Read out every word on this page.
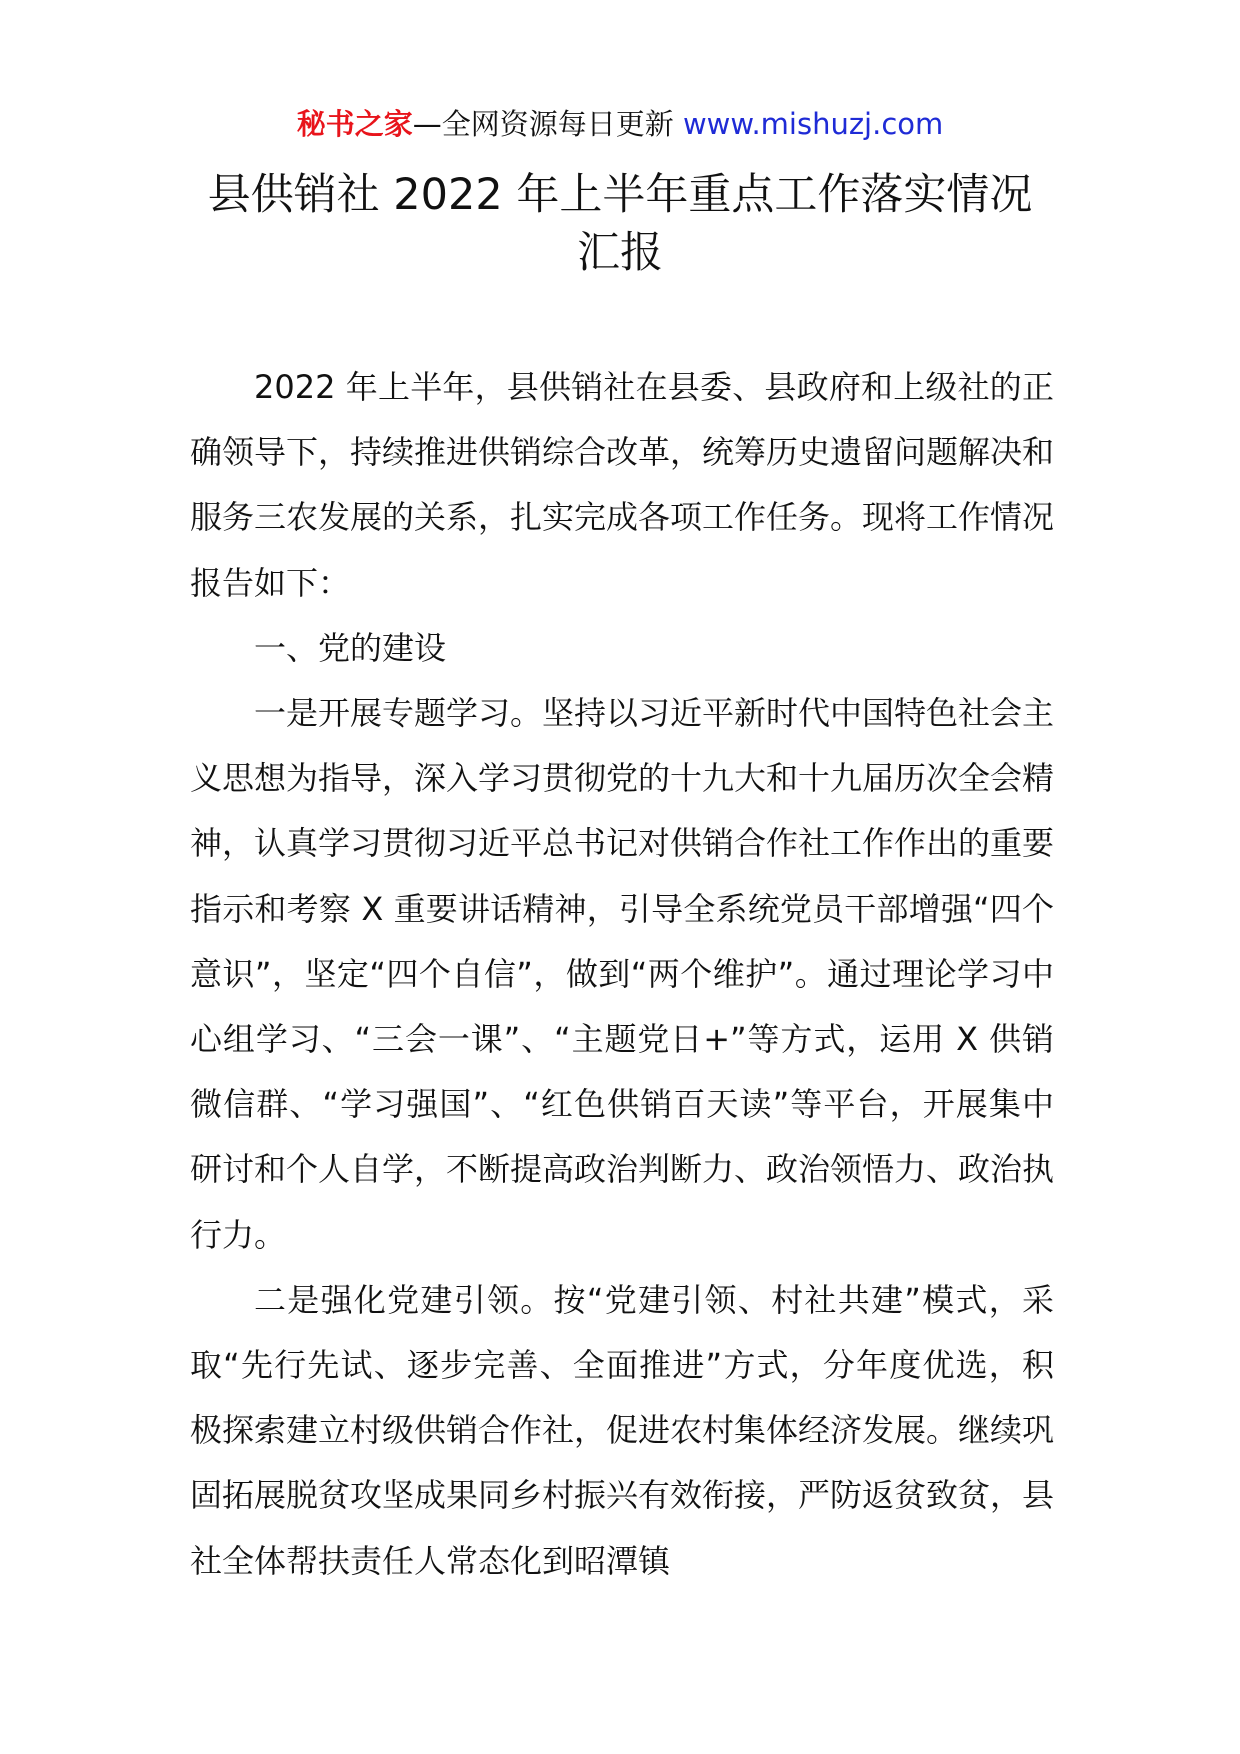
秘书之家—全网资源每日更新 www.mishuzj.com
县供销社 2022 年上半年重点工作落实情况汇报

2022 年上半年，县供销社在县委、县政府和上级社的正确领导下，持续推进供销综合改革，统筹历史遗留问题解决和服务三农发展的关系，扎实完成各项工作任务。现将工作情况报告如下：

一、党的建设

一是开展专题学习。坚持以习近平新时代中国特色社会主义思想为指导，深入学习贯彻党的十九大和十九届历次全会精神，认真学习贯彻习近平总书记对供销合作社工作作出的重要指示和考察 X 重要讲话精神，引导全系统党员干部增强“四个意识”，坚定“四个自信”，做到“两个维护”。通过理论学习中心组学习、“三会一课”、“主题党日+”等方式，运用 X 供销微信群、“学习强国”、“红色供销百天读”等平台，开展集中研讨和个人自学，不断提高政治判断力、政治领悟力、政治执行力。

二是强化党建引领。按“党建引领、村社共建”模式，采取“先行先试、逐步完善、全面推进”方式，分年度优选，积极探索建立村级供销合作社，促进农村集体经济发展。继续巩固拓展脱贫攻坚成果同乡村振兴有效衔接，严防返贫致贫，县社全体帮扶责任人常态化到昭潭镇
